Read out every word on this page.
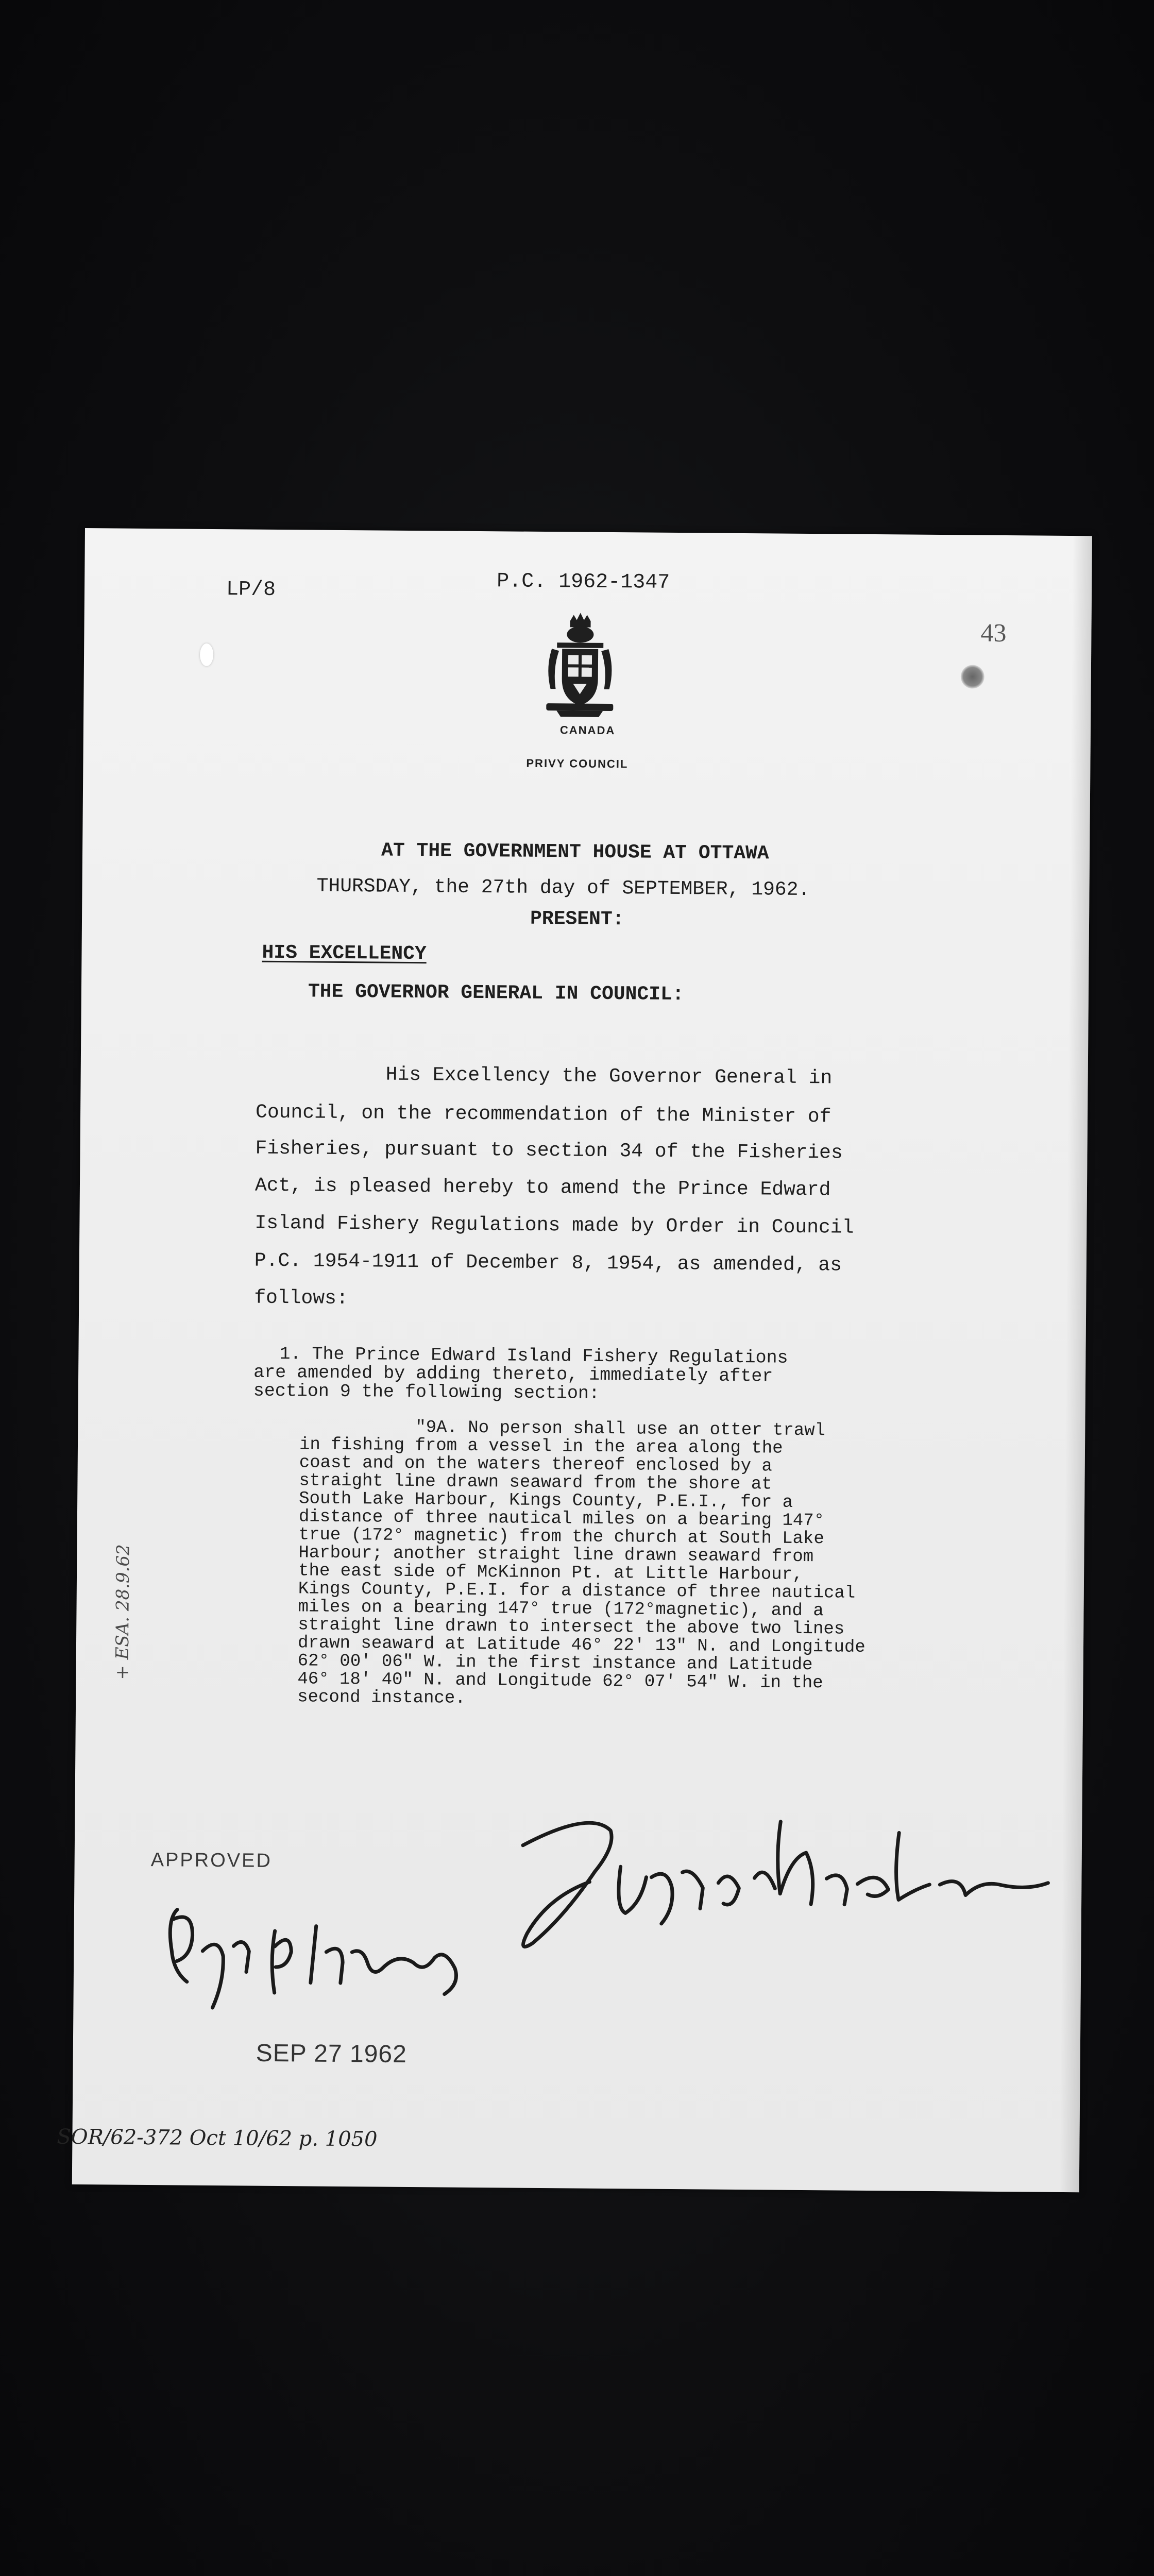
LP/8	P.C. 1962-1347
43
CANADA
PRIVY COUNCIL
AT THE GOVERNMENT HOUSE AT OTTAWA
THURSDAY, the 27th day of SEPTEMBER, 1962.
PRESENT:
HIS EXCELLENCY
THE GOVERNOR GENERAL IN COUNCIL:
His Excellency the Governor General in
Council, on the recommendation of the Minister of
Fisheries, pursuant to section 34 of the Fisheries
Act, is pleased hereby to amend the Prince Edward
Island Fishery Regulations made by Order in Council
P.C. 1954-1911 of December 8, 1954, as amended, as
follows:
1. The Prince Edward Island Fishery Regulations
are amended by adding thereto, immediately after
section 9 the following section:
"9A. No person shall use an otter trawl
in fishing from a vessel in the area along the
coast and on the waters thereof enclosed by a
straight line drawn seaward from the shore at
South Lake Harbour, Kings County, P.E.I., for a
distance of three nautical miles on a bearing 147°
true (172° magnetic) from the church at South Lake
Harbour; another straight line drawn seaward from
the east side of McKinnon Pt. at Little Harbour,
Kings County, P.E.I. for a distance of three nautical
miles on a bearing 147° true (172°magnetic), and a
straight line drawn to intersect the above two lines
drawn seaward at Latitude 46° 22' 13" N. and Longitude
62° 00' 06" W. in the first instance and Latitude
46° 18' 40" N. and Longitude 62° 07' 54" W. in the
second instance.
APPROVED
SEP 27 1962
+ ESA. 28.9.62
SOR/62-372 Oct 10/62 p. 1050
